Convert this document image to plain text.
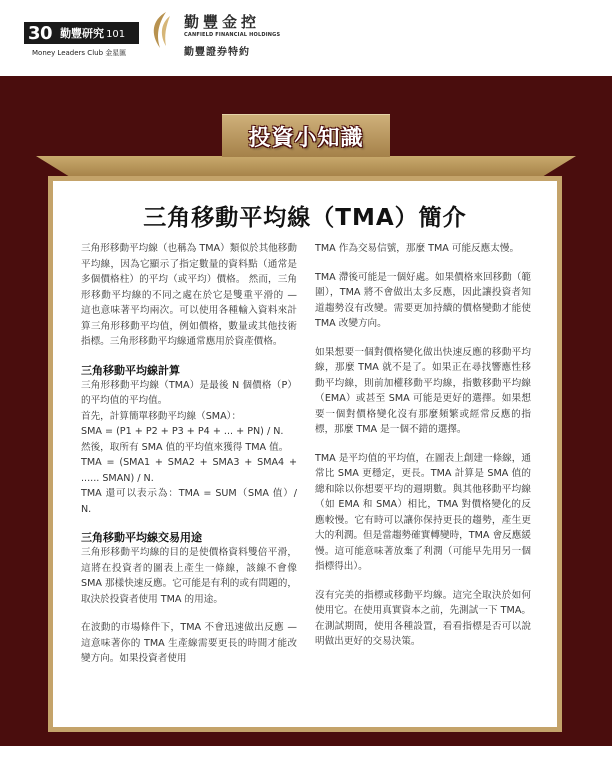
30 勤豐研究 101
Money Leaders Club 金星匯
勤豐金控
CANFIELD FINANCIAL HOLDINGS
勤豐證券特約
投資小知識
三角移動平均線（TMA）簡介

三角形移動平均線（也稱為 TMA）類似於其他移動平均線，因為它顯示了指定數量的資料點（通常是多個價格柱）的平均（或平均）價格。 然而，三角形移動平均線的不同之處在於它是雙重平滑的 — 這也意味著平均兩次。可以使用各種輸入資料來計算三角形移動平均值，例如價格，數量或其他技術指標。三角形移動平均線通常應用於資產價格。

三角移動平均線計算

三角形移動平均線（TMA）是最後 N 個價格（P）的平均值的平均值。

首先，計算簡單移動平均線（SMA）：

SMA = (P1 + P2 + P3 + P4 + ... + PN) / N.

然後，取所有 SMA 值的平均值來獲得 TMA 值。

TMA = (SMA1 + SMA2 + SMA3 + SMA4 + ...... SMAN) / N.

TMA 還可以表示為：TMA = SUM（SMA 值）/ N.

三角移動平均線交易用途

三角形移動平均線的目的是使價格資料雙倍平滑，這將在投資者的圖表上產生一條線，該線不會像 SMA 那樣快速反應。它可能是有利的或有問題的，取決於投資者使用 TMA 的用途。

在波動的市場條件下，TMA 不會迅速做出反應 — 這意味著你的 TMA 生產線需要更長的時間才能改變方向。如果投資者使用

TMA 作為交易信號，那麼 TMA 可能反應太慢。

TMA 滯後可能是一個好處。如果價格來回移動（範圍），TMA 將不會做出太多反應，因此讓投資者知道趨勢沒有改變。需要更加持續的價格變動才能使 TMA 改變方向。

如果想要一個對價格變化做出快速反應的移動平均線，那麼 TMA 就不是了。如果正在尋找響應性移動平均線，則前加權移動平均線，指數移動平均線（EMA）或甚至 SMA 可能是更好的選擇。如果想要一個對價格變化沒有那麼頻繁或經常反應的指標，那麼 TMA 是一個不錯的選擇。

TMA 是平均值的平均值，在圖表上創建一條線，通常比 SMA 更穩定，更長。TMA 計算是 SMA 值的總和除以你想要平均的週期數。與其他移動平均線（如 EMA 和 SMA）相比，TMA 對價格變化的反應較慢。它有時可以讓你保持更長的趨勢，產生更大的利潤。但是當趨勢確實轉變時，TMA 會反應緩慢。這可能意味著放棄了利潤（可能早先用另一個指標得出）。

沒有完美的指標或移動平均線。這完全取決於如何使用它。在使用真實資本之前，先測試一下 TMA。在測試期間，使用各種設置，看看指標是否可以說明做出更好的交易決策。
